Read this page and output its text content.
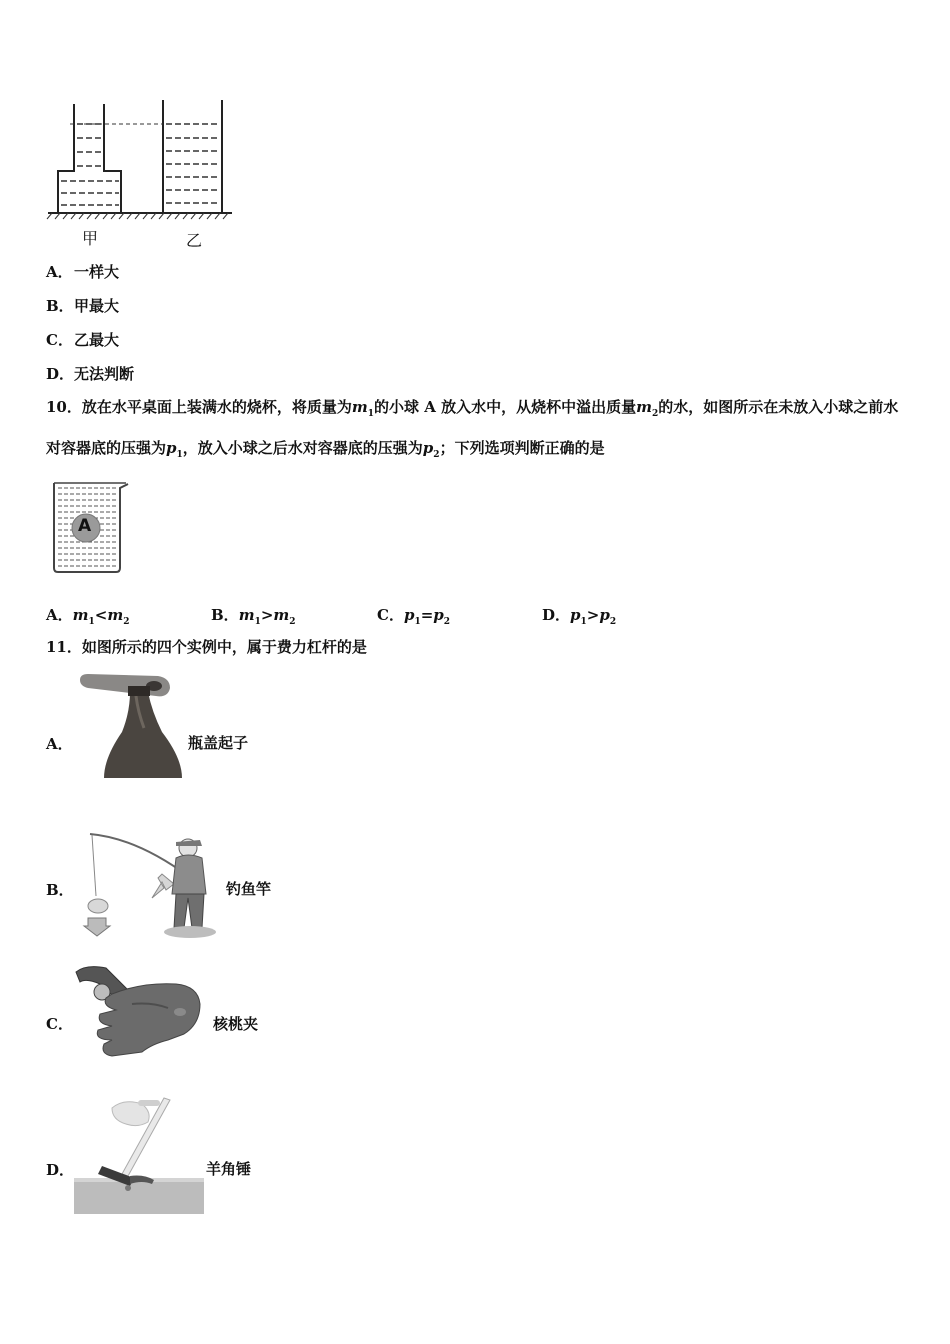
甲	乙
A．一样大
B．甲最大
C．乙最大
D．无法判断
10．放在水平桌面上装满水的烧杯，将质量为$m_1$的小球 A 放入水中，从烧杯中溢出质量$m_2$的水，如图所示在未放入小球之前水对容器底的压强为$p_1$，放入小球之后水对容器底的压强为$p_2$；下列选项判断正确的是
A
A．$m_1<m_2$	B．$m_1>m_2$	C．$p_1=p_2$	D．$p_1>p_2$
11．如图所示的四个实例中，属于费力杠杆的是
A．	瓶盖起子
B．	钓鱼竿
C．	核桃夹
D．	羊角锤
